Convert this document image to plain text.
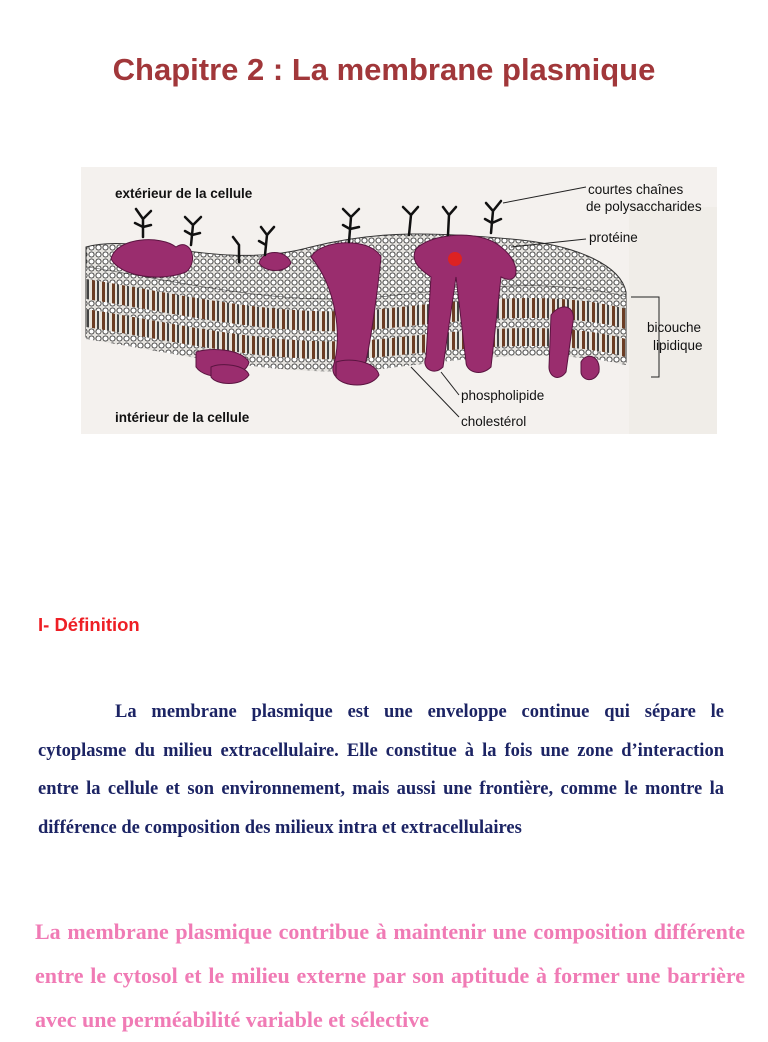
Chapitre 2 : La membrane plasmique
extérieur de la cellule
intérieur de la cellule
courtes chaînes
de polysaccharides
protéine
bicouche
lipidique
phospholipide
cholestérol
I- Définition

La membrane plasmique est une enveloppe continue qui sépare le cytoplasme du milieu extracellulaire. Elle constitue à la fois une zone d’interaction entre la cellule et son environnement, mais aussi une frontière, comme le montre la différence de composition des milieux intra et extracellulaires

La membrane plasmique contribue à maintenir une composition différente entre le cytosol et le milieu externe par son aptitude à former une barrière avec une perméabilité variable et sélective
